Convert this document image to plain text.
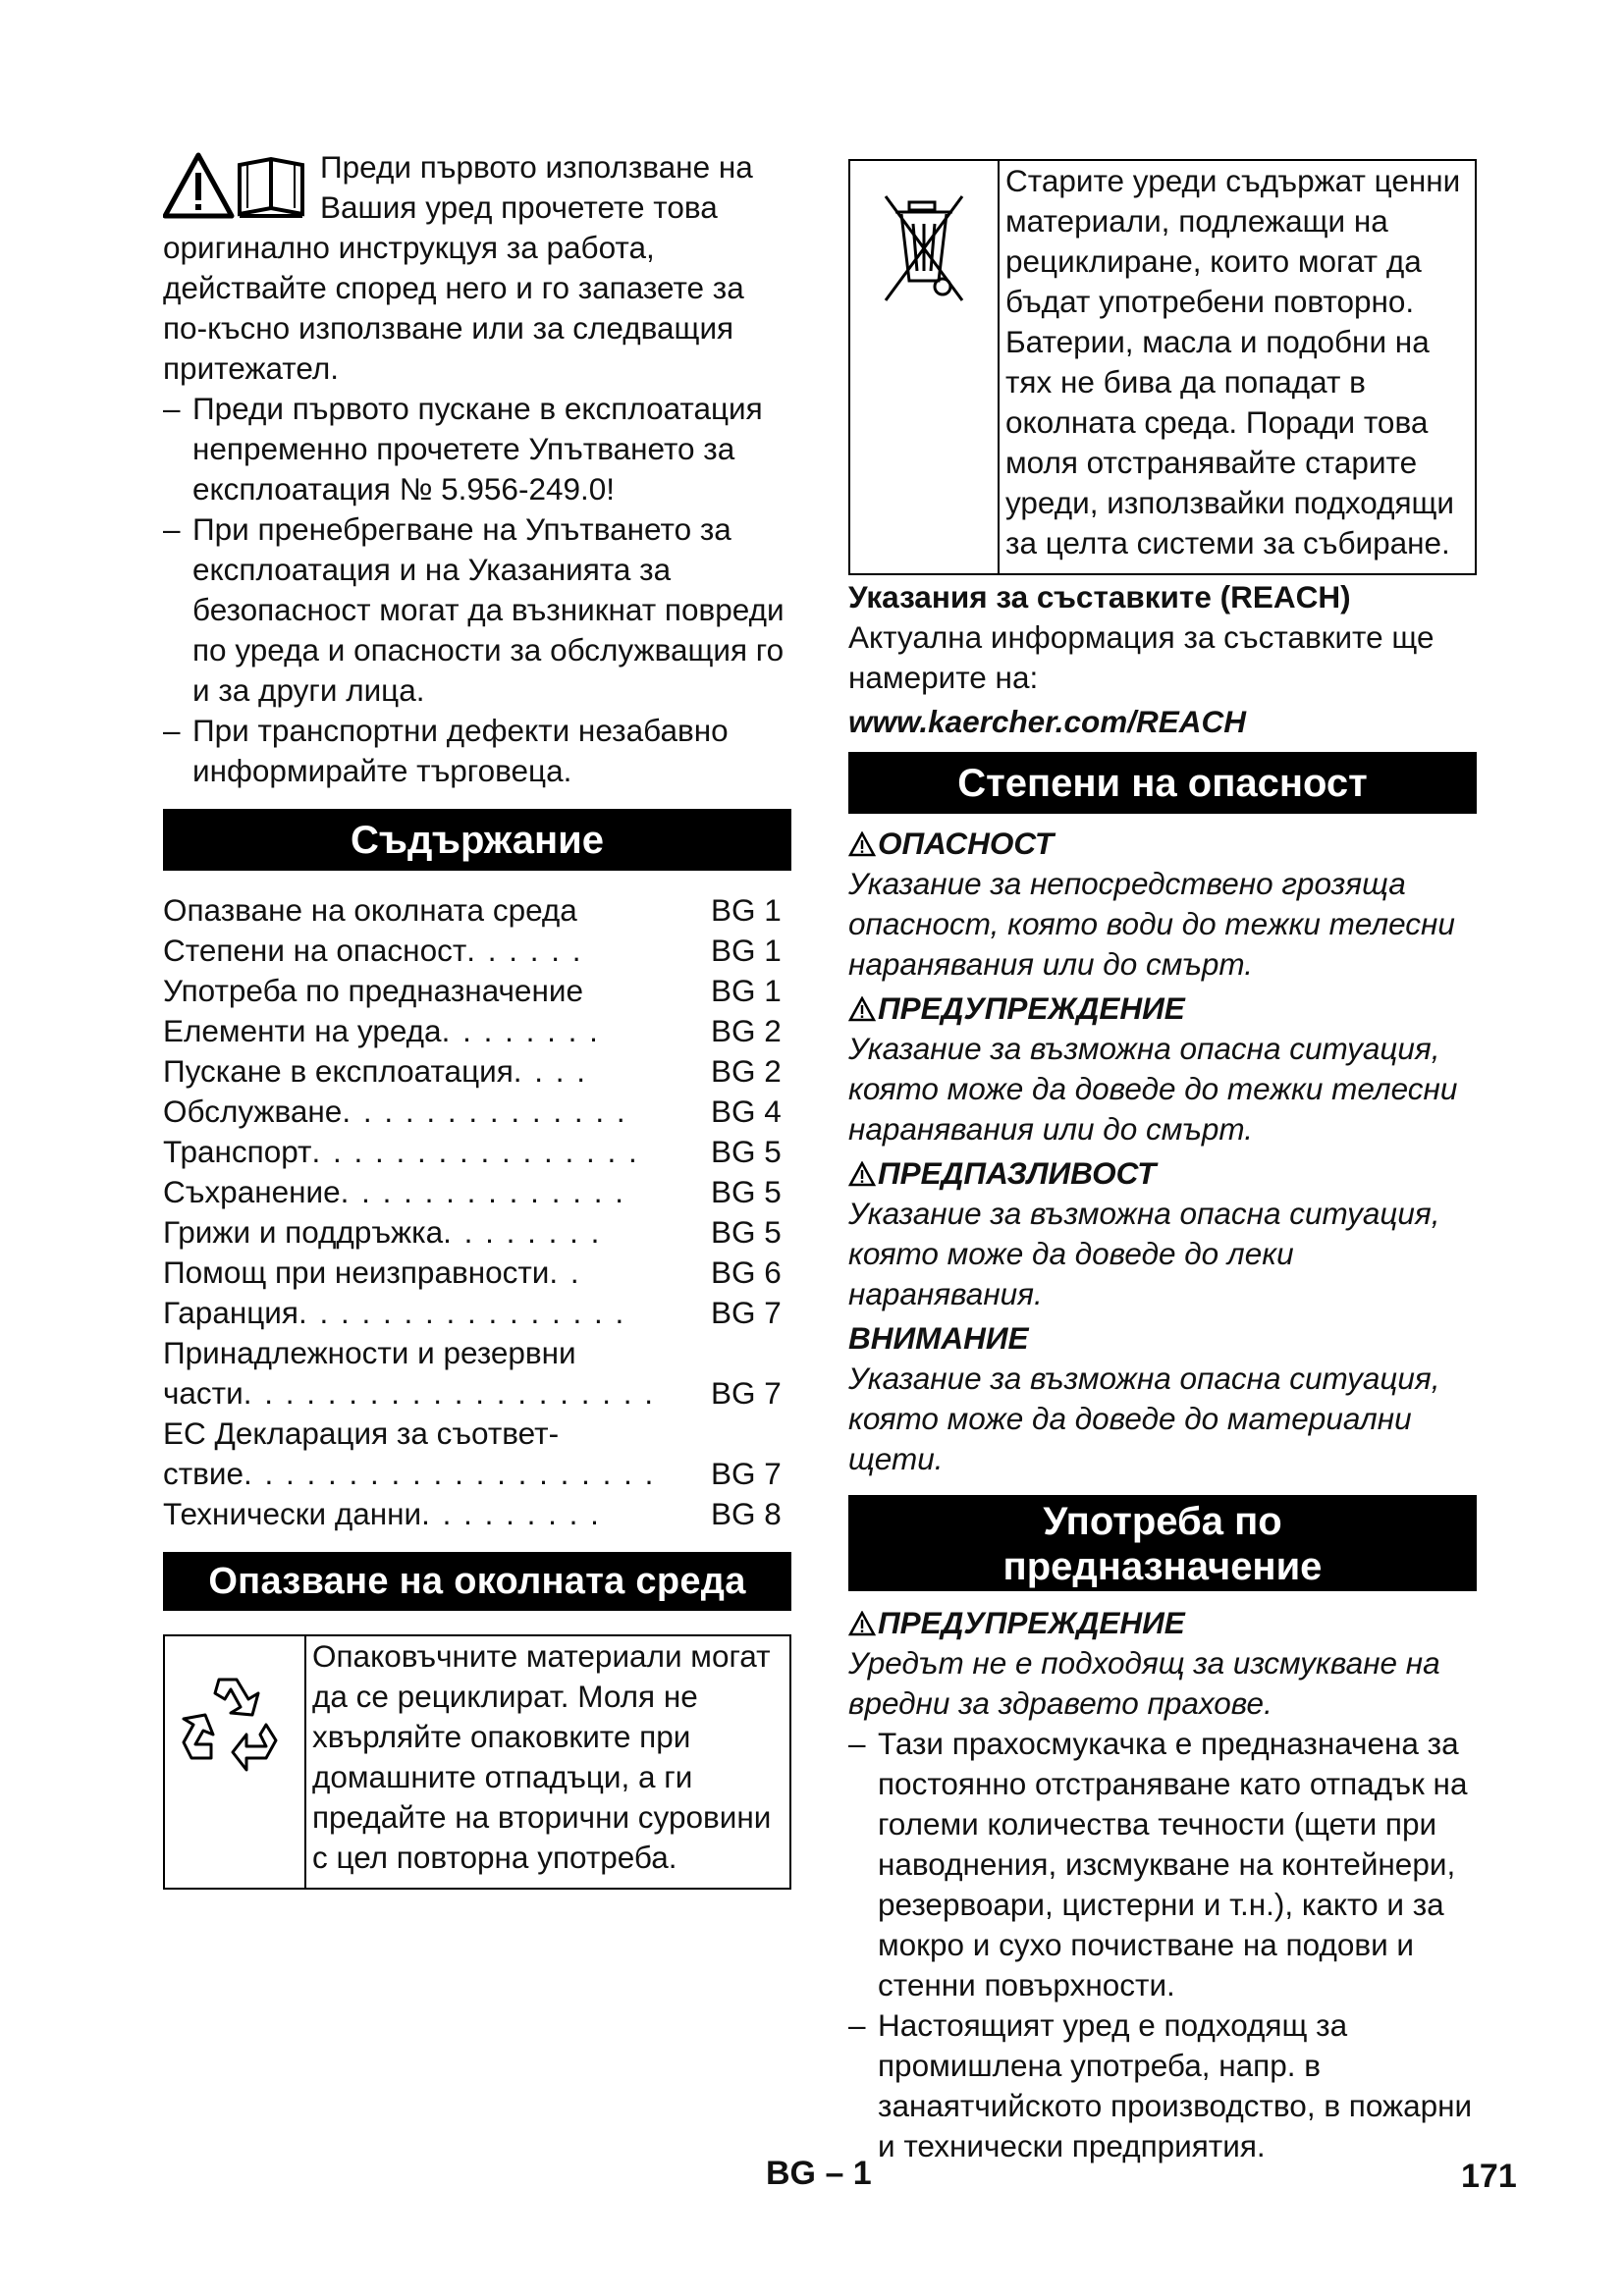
Преди първото използване на Вашия уред прочетете това оригинално инструкцуя за работа, действайте според него и го запазете за по-късно използване или за следващия притежател.

– Преди първото пускане в експлоатация непременно прочетете Упътването за експлоатация № 5.956-249.0!
– При пренебрегване на Упътването за експлоатация и на Указанията за безопасност могат да възникнат повреди по уреда и опасности за обслужващия го и за други лица.
– При транспортни дефекти незабавно информирайте търговеца.
Съдържание
Опазване на околната среда	BG 1
Степени на опасност . . . . . .	BG 1
Употреба по предназначение	BG 1
Елементи на уреда . . . . . . . .	BG 2
Пускане в експлоатация . . . .	BG 2
Обслужване . . . . . . . . . . . . . .	BG 4
Транспорт . . . . . . . . . . . . . . . .	BG 5
Съхранение . . . . . . . . . . . . . .	BG 5
Грижи и поддръжка . . . . . . . .	BG 5
Помощ при неизправности . .	BG 6
Гаранция . . . . . . . . . . . . . . . .	BG 7
Принадлежности и резервни
части . . . . . . . . . . . . . . . . . . . .	BG 7
ЕС Декларация за съответ-
ствие . . . . . . . . . . . . . . . . . . . .	BG 7
Технически данни . . . . . . . . .	BG 8
Опазване на околната среда
Опаковъчните материали могат да се рециклират. Моля не хвърляйте опаковките при домашните отпадъци, а ги предайте на вторични суровини с цел повторна употреба.
Старите уреди съдържат ценни материали, подлежащи на рециклиране, които могат да бъдат употребени повторно. Батерии, масла и подобни на тях не бива да попадат в околната среда. Поради това моля отстранявайте старите уреди, използвайки подходящи за целта системи за събиране.

Указания за съставките (REACH)

Актуална информация за съставките ще намерите на:

www.kaercher.com/REACH

Степени на опасност
ОПАСНОСТ

Указание за непосредствено грозяща опасност, която води до тежки телесни наранявания или до смърт.

ПРЕДУПРЕЖДЕНИЕ

Указание за възможна опасна ситуация, която може да доведе до тежки телесни наранявания или до смърт.

ПРЕДПАЗЛИВОСТ

Указание за възможна опасна ситуация, която може да доведе до леки наранявания.

ВНИМАНИЕ

Указание за възможна опасна ситуация, която може да доведе до материални щети.

Употреба по
предназначение
ПРЕДУПРЕЖДЕНИЕ

Уредът не е подходящ за изсмукване на вредни за здравето прахове.

– Тази прахосмукачка е предназначена за постоянно отстраняване като отпадък на големи количества течности (щети при наводнения, изсмукване на контейнери, резервоари, цистерни и т.н.), както и за мокро и сухо почистване на подови и стенни повърхности.
– Настоящият уред е подходящ за промишлена употреба, напр. в занаятчийското производство, в пожарни и технически предприятия.
BG – 1	171
